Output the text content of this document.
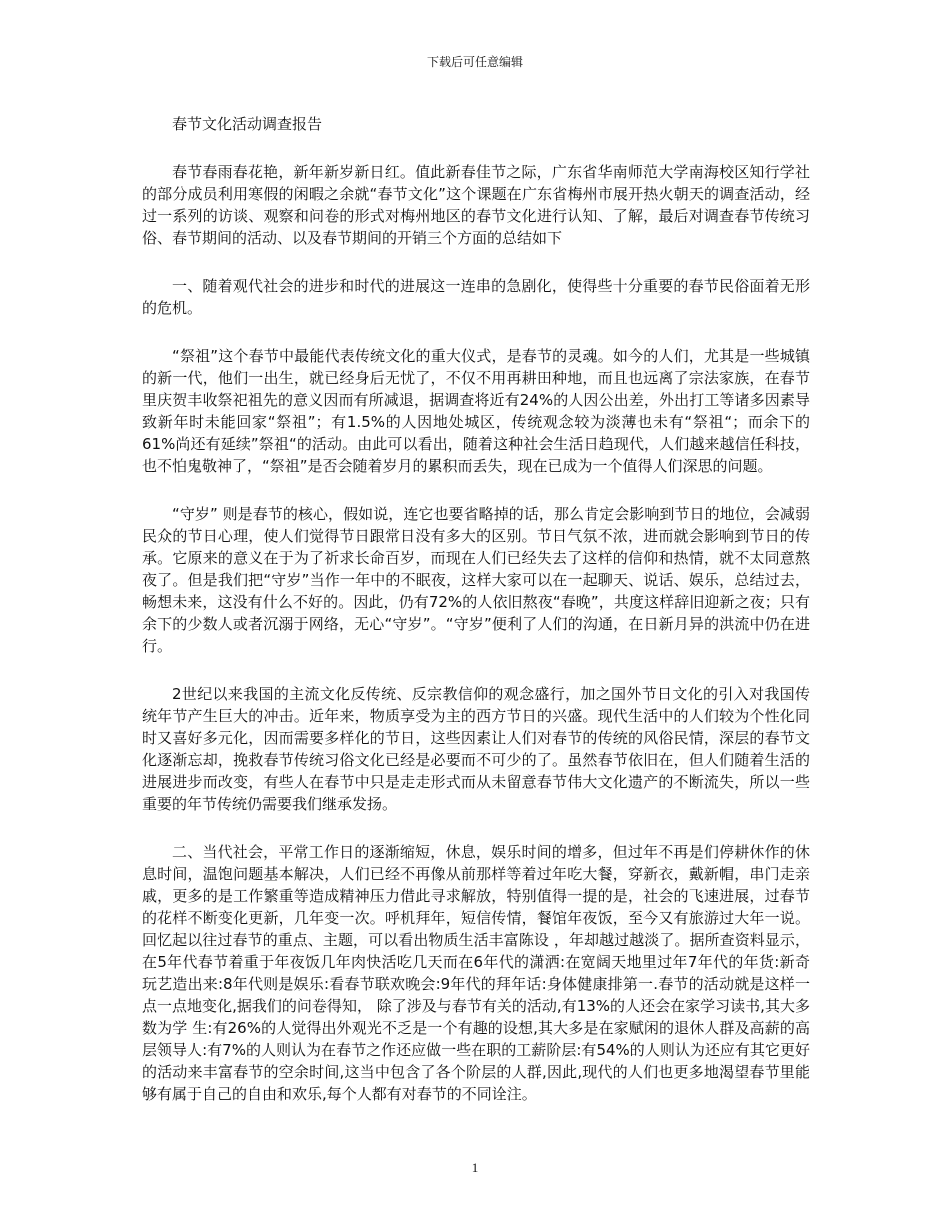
下载后可任意编辑

春节文化活动调查报告

春节春雨春花艳，新年新岁新日红。值此新春佳节之际，广东省华南师范大学南海校区知行学社的部分成员利用寒假的闲暇之余就“春节文化”这个课题在广东省梅州市展开热火朝天的调查活动，经过一系列的访谈、观察和问卷的形式对梅州地区的春节文化进行认知、了解，最后对调查春节传统习俗、春节期间的活动、以及春节期间的开销三个方面的总结如下

一、随着观代社会的进步和时代的进展这一连串的急剧化，使得些十分重要的春节民俗面着无形的危机。

“祭祖”这个春节中最能代表传统文化的重大仪式，是春节的灵魂。如今的人们，尤其是一些城镇的新一代，他们一出生，就已经身后无忧了，不仅不用再耕田种地，而且也远离了宗法家族，在春节里庆贺丰收祭祀祖先的意义因而有所减退，据调查将近有24%的人因公出差，外出打工等诸多因素导致新年时未能回家“祭祖”；有1.5%的人因地处城区，传统观念较为淡薄也未有“祭祖“；而余下的61%尚还有延续”祭祖“的活动。由此可以看出，随着这种社会生活日趋现代，人们越来越信任科技，也不怕鬼敬神了，“祭祖”是否会随着岁月的累积而丢失，现在已成为一个值得人们深思的问题。

“守岁” 则是春节的核心，假如说，连它也要省略掉的话，那么肯定会影响到节日的地位，会减弱民众的节日心理，使人们觉得节日跟常日没有多大的区别。节日气氛不浓，进而就会影响到节日的传承。它原来的意义在于为了祈求长命百岁，而现在人们已经失去了这样的信仰和热情，就不太同意熬夜了。但是我们把“守岁”当作一年中的不眠夜，这样大家可以在一起聊天、说话、娱乐，总结过去，畅想未来，这没有什么不好的。因此，仍有72%的人依旧熬夜“春晚”，共度这样辞旧迎新之夜；只有余下的少数人或者沉溺于网络，无心“守岁”。“守岁”便利了人们的沟通，在日新月异的洪流中仍在进行。

2世纪以来我国的主流文化反传统、反宗教信仰的观念盛行，加之国外节日文化的引入对我国传统年节产生巨大的冲击。近年来，物质享受为主的西方节日的兴盛。现代生活中的人们较为个性化同时又喜好多元化，因而需要多样化的节日，这些因素让人们对春节的传统的风俗民情，深层的春节文化逐渐忘却，挽救春节传统习俗文化已经是必要而不可少的了。虽然春节依旧在，但人们随着生活的进展进步而改变，有些人在春节中只是走走形式而从未留意春节伟大文化遗产的不断流失，所以一些重要的年节传统仍需要我们继承发扬。

二、当代社会，平常工作日的逐渐缩短，休息，娱乐时间的增多，但过年不再是们停耕休作的休息时间，温饱问题基本解决，人们已经不再像从前那样等着过年吃大餐，穿新衣，戴新帽，串门走亲戚，更多的是工作繁重等造成精神压力借此寻求解放，特别值得一提的是，社会的飞速进展，过春节的花样不断变化更新，几年变一次。呼机拜年，短信传情，餐馆年夜饭，至今又有旅游过大年一说。回忆起以往过春节的重点、主题，可以看出物质生活丰富陈设 ，年却越过越淡了。据所查资料显示，在5年代春节着重于年夜饭几年肉快活吃几天而在6年代的潇洒:在宽阔天地里过年7年代的年货:新奇玩艺造出来:8年代则是娱乐:看春节联欢晚会:9年代的拜年话:身体健康排第一.春节的活动就是这样一点一点地变化,据我们的问卷得知， 除了涉及与春节有关的活动,有13%的人还会在家学习读书,其大多数为学 生:有26%的人觉得出外观光不乏是一个有趣的设想,其大多是在家赋闲的退休人群及高薪的高层领导人:有7%的人则认为在春节之作还应做一些在职的工薪阶层:有54%的人则认为还应有其它更好的活动来丰富春节的空余时间,这当中包含了各个阶层的人群,因此,现代的人们也更多地渴望春节里能够有属于自己的自由和欢乐,每个人都有对春节的不同诠注。

1
